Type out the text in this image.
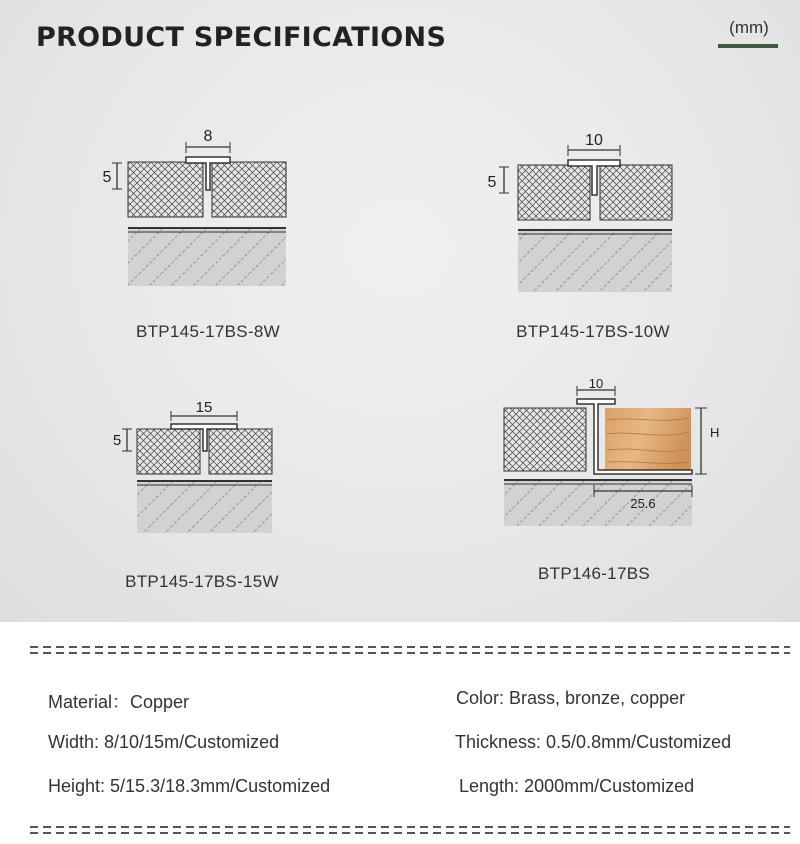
PRODUCT SPECIFICATIONS	(mm)
8
5
BTP145-17BS-8W
10
5
BTP145-17BS-10W
15
5
BTP145-17BS-15W
10
H
25.6
BTP146-17BS
Material：Copper	Color: Brass, bronze, copper
Width: 8/10/15m/Customized	Thickness: 0.5/0.8mm/Customized
Height: 5/15.3/18.3mm/Customized	Length: 2000mm/Customized
